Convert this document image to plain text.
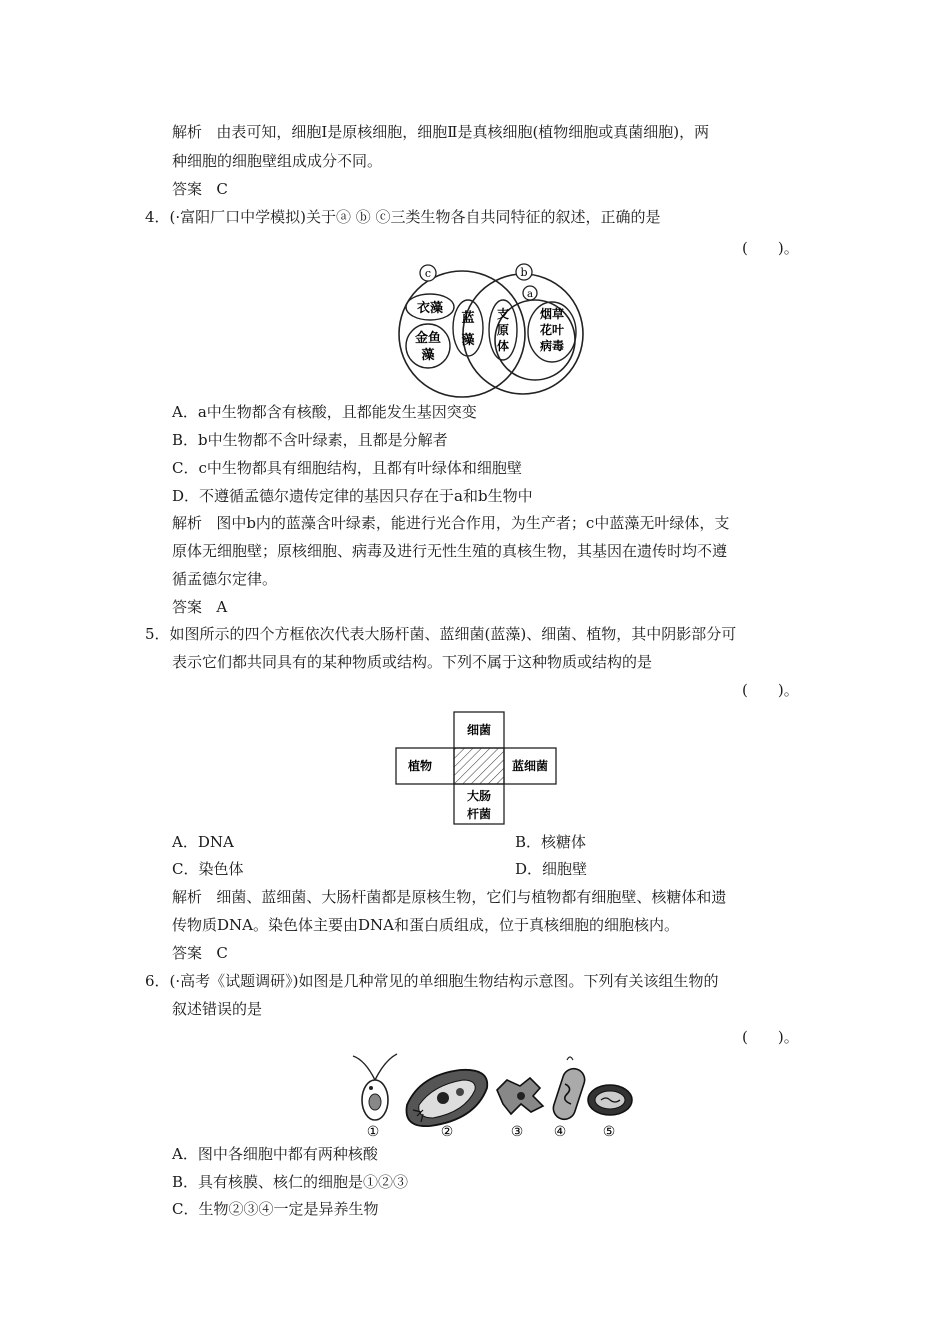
解析 由表可知，细胞Ⅰ是原核细胞，细胞Ⅱ是真核细胞(植物细胞或真菌细胞)，两
种细胞的细胞壁组成成分不同。
答案 C
4．(·富阳厂口中学模拟)关于ⓐ ⓑ ⓒ三类生物各自共同特征的叙述，正确的是
(　　)。
c	b
a
衣藻
金鱼
藻
蓝
藻
支
原
体
烟草
花叶
病毒
A．a中生物都含有核酸，且都能发生基因突变
B．b中生物都不含叶绿素，且都是分解者
C．c中生物都具有细胞结构，且都有叶绿体和细胞壁
D．不遵循孟德尔遗传定律的基因只存在于a和b生物中
解析 图中b内的蓝藻含叶绿素，能进行光合作用，为生产者；c中蓝藻无叶绿体，支
原体无细胞壁；原核细胞、病毒及进行无性生殖的真核生物，其基因在遗传时均不遵
循孟德尔定律。
答案 A
5．如图所示的四个方框依次代表大肠杆菌、蓝细菌(蓝藻)、细菌、植物，其中阴影部分可
表示它们都共同具有的某种物质或结构。下列不属于这种物质或结构的是
(　　)。
细菌
植物	蓝细菌
大肠
杆菌
A．DNA	B．核糖体
C．染色体	D．细胞壁
解析 细菌、蓝细菌、大肠杆菌都是原核生物，它们与植物都有细胞壁、核糖体和遗
传物质DNA。染色体主要由DNA和蛋白质组成，位于真核细胞的细胞核内。
答案 C
6．(·高考《试题调研》)如图是几种常见的单细胞生物结构示意图。下列有关该组生物的
叙述错误的是
(　　)。
①	②	③ ④	⑤
A．图中各细胞中都有两种核酸
B．具有核膜、核仁的细胞是①②③
C．生物②③④一定是异养生物
